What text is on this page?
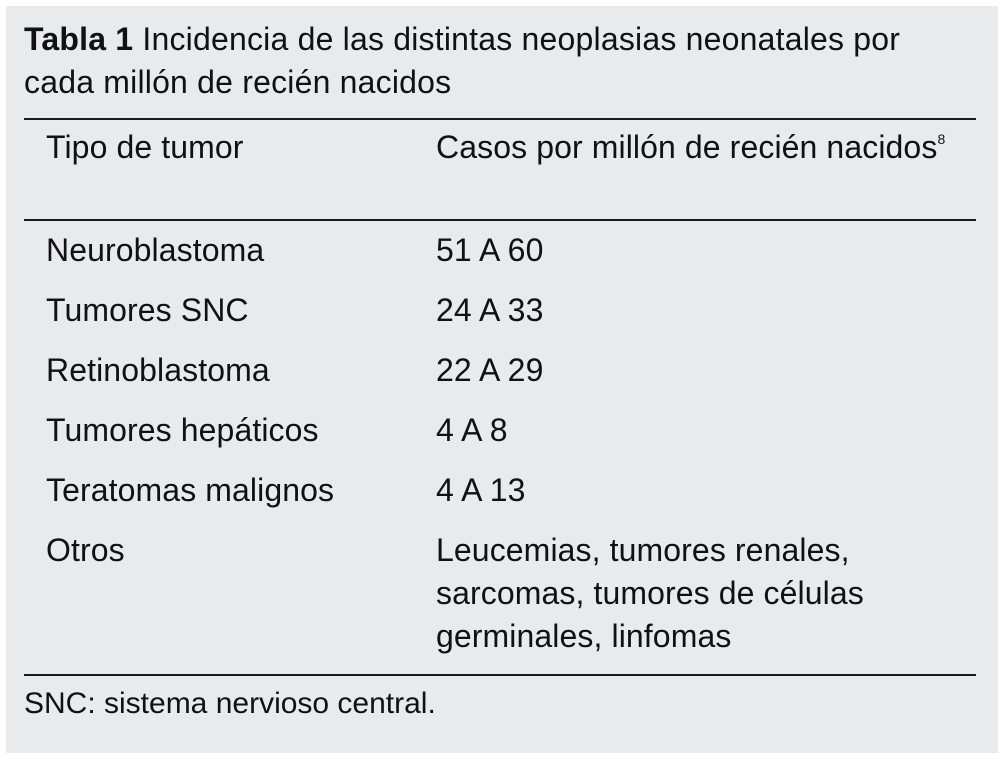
Tabla 1 Incidencia de las distintas neoplasias neonatales por cada millón de recién nacidos
Tipo de tumor	Casos por millón de recién nacidos$^8$
Neuroblastoma	51 A 60
Tumores SNC	24 A 33
Retinoblastoma	22 A 29
Tumores hepáticos	4 A 8
Teratomas malignos	4 A 13
Otros	Leucemias, tumores renales, sarcomas, tumores de células germinales, linfomas
SNC: sistema nervioso central.
